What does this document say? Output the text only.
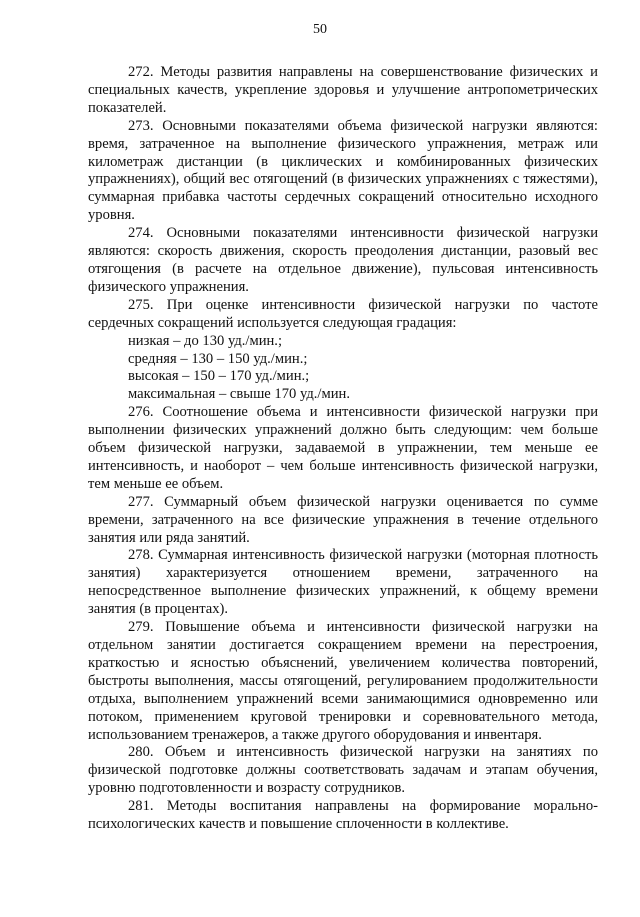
50

272. Методы развития направлены на совершенствование физических и специальных качеств, укрепление здоровья и улучшение антропометрических показателей.

273. Основными показателями объема физической нагрузки являются: время, затраченное на выполнение физического упражнения, метраж или километраж дистанции (в циклических и комбинированных физических упражнениях), общий вес отягощений (в физических упражнениях с тяжестями), суммарная прибавка частоты сердечных сокращений относительно исходного уровня.

274. Основными показателями интенсивности физической нагрузки являются: скорость движения, скорость преодоления дистанции, разовый вес отягощения (в расчете на отдельное движение), пульсовая интенсивность физического упражнения.

275. При оценке интенсивности физической нагрузки по частоте сердечных сокращений используется следующая градация:

низкая – до 130 уд./мин.;

средняя – 130 – 150 уд./мин.;

высокая – 150 – 170 уд./мин.;

максимальная – свыше 170 уд./мин.

276. Соотношение объема и интенсивности физической нагрузки при выполнении физических упражнений должно быть следующим: чем больше объем физической нагрузки, задаваемой в упражнении, тем меньше ее интенсивность, и наоборот – чем больше интенсивность физической нагрузки, тем меньше ее объем.

277. Суммарный объем физической нагрузки оценивается по сумме времени, затраченного на все физические упражнения в течение отдельного занятия или ряда занятий.

278. Суммарная интенсивность физической нагрузки (моторная плотность занятия) характеризуется отношением времени, затраченного на непосредственное выполнение физических упражнений, к общему времени занятия (в процентах).

279. Повышение объема и интенсивности физической нагрузки на отдельном занятии достигается сокращением времени на перестроения, краткостью и ясностью объяснений, увеличением количества повторений, быстроты выполнения, массы отягощений, регулированием продолжительности отдыха, выполнением упражнений всеми занимающимися одновременно или потоком, применением круговой тренировки и соревновательного метода, использованием тренажеров, а также другого оборудования и инвентаря.

280. Объем и интенсивность физической нагрузки на занятиях по физической подготовке должны соответствовать задачам и этапам обучения, уровню подготовленности и возрасту сотрудников.

281. Методы воспитания направлены на формирование морально-психологических качеств и повышение сплоченности в коллективе.
